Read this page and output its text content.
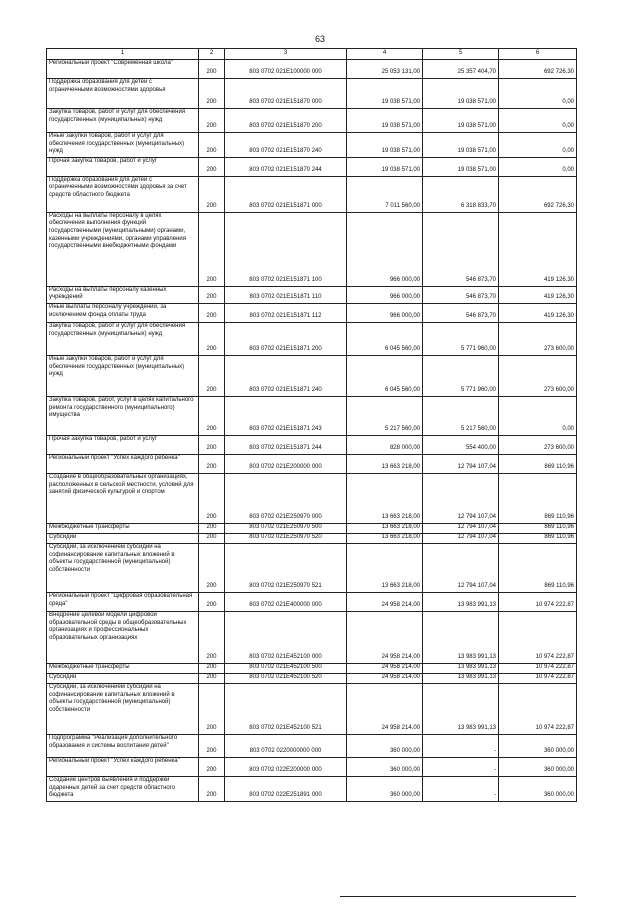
63
1	2	3	4	5	6
Региональный проект "Современная школа"	200	803 0702 021E100000 000	25 053 131,00	25 357 404,70	692 726,30
Поддержка образования для детей с ограниченными возможностями здоровья	200	803 0702 021E151870 000	19 038 571,00	19 038 571,00	0,00
Закупка товаров, работ и услуг для обеспечения государственных (муниципальных) нужд	200	803 0702 021E151870 200	19 038 571,00	19 038 571,00	0,00
Иные закупки товаров, работ и услуг для обеспечения государственных (муниципальных) нужд	200	803 0702 021E151870 240	19 038 571,00	19 038 571,00	0,00
Прочая закупка товаров, работ и услуг	200	803 0702 021E151870 244	19 038 571,00	19 038 571,00	0,00
Поддержка образования для детей с ограниченными возможностями здоровья за счет средств областного бюджета	200	803 0702 021E151871 000	7 011 560,00	6 318 833,70	692 726,30
Расходы на выплаты персоналу в целях обеспечения выполнения функций государственными (муниципальными) органами, казенными учреждениями, органами управления государственными внебюджетными фондами	200	803 0702 021E151871 100	966 000,00	546 873,70	419 126,30
Расходы на выплаты персоналу казенных учреждений	200	803 0702 021E151871 110	966 000,00	546 873,70	419 126,30
Иные выплаты персоналу учреждений, за исключением фонда оплаты труда	200	803 0702 021E151871 112	966 000,00	546 873,70	419 126,30
Закупка товаров, работ и услуг для обеспечения государственных (муниципальных) нужд	200	803 0702 021E151871 200	6 045 560,00	5 771 960,00	273 600,00
Иные закупки товаров, работ и услуг для обеспечения государственных (муниципальных) нужд	200	803 0702 021E151871 240	6 045 560,00	5 771 960,00	273 600,00
Закупка товаров, работ, услуг в целях капитального ремонта государственного (муниципального) имущества	200	803 0702 021E151871 243	5 217 560,00	5 217 560,00	0,00
Прочая закупка товаров, работ и услуг	200	803 0702 021E151871 244	828 000,00	554 400,00	273 600,00
Региональный проект "Успех каждого ребенка"	200	803 0702 021E200000 000	13 663 218,00	12 794 107,04	869 110,96
Создание в общеобразовательных организациях, расположенных в сельской местности, условий для занятий физической культурой и спортом	200	803 0702 021E250970 000	13 663 218,00	12 794 107,04	869 110,96
Межбюджетные трансферты	200	803 0702 021E250970 500	13 663 218,00	12 794 107,04	869 110,96
Субсидии	200	803 0702 021E250970 520	13 663 218,00	12 794 107,04	869 110,96
Субсидии, за исключением субсидий на софинансирование капитальных вложений в объекты государственной (муниципальной) собственности	200	803 0702 021E250970 521	13 663 218,00	12 794 107,04	869 110,96
Региональный проект "Цифровая образовательная среда"	200	803 0702 021E400000 000	24 958 214,00	13 983 991,13	10 974 222,87
Внедрение целевой модели цифровой образовательной среды в общеобразовательных организациях и профессиональных образовательных организациях	200	803 0702 021E452100 000	24 958 214,00	13 983 991,13	10 974 222,87
Межбюджетные трансферты	200	803 0702 021E452100 500	24 958 214,00	13 983 991,13	10 974 222,87
Субсидии	200	803 0702 021E452100 520	24 958 214,00	13 983 991,13	10 974 222,87
Субсидии, за исключением субсидий на софинансирование капитальных вложений в объекты государственной (муниципальной) собственности	200	803 0702 021E452100 521	24 958 214,00	13 983 991,13	10 974 222,87
Подпрограмма "Реализация дополнительного образования и системы воспитания детей"	200	803 0702 0220000000 000	360 000,00	-	360 000,00
Региональный проект "Успех каждого ребенка"	200	803 0702 022E200000 000	360 000,00	-	360 000,00
Создание центров выявления и поддержки одаренных детей за счет средств областного бюджета	200	803 0702 022E251891 000	360 000,00	-	360 000,00
